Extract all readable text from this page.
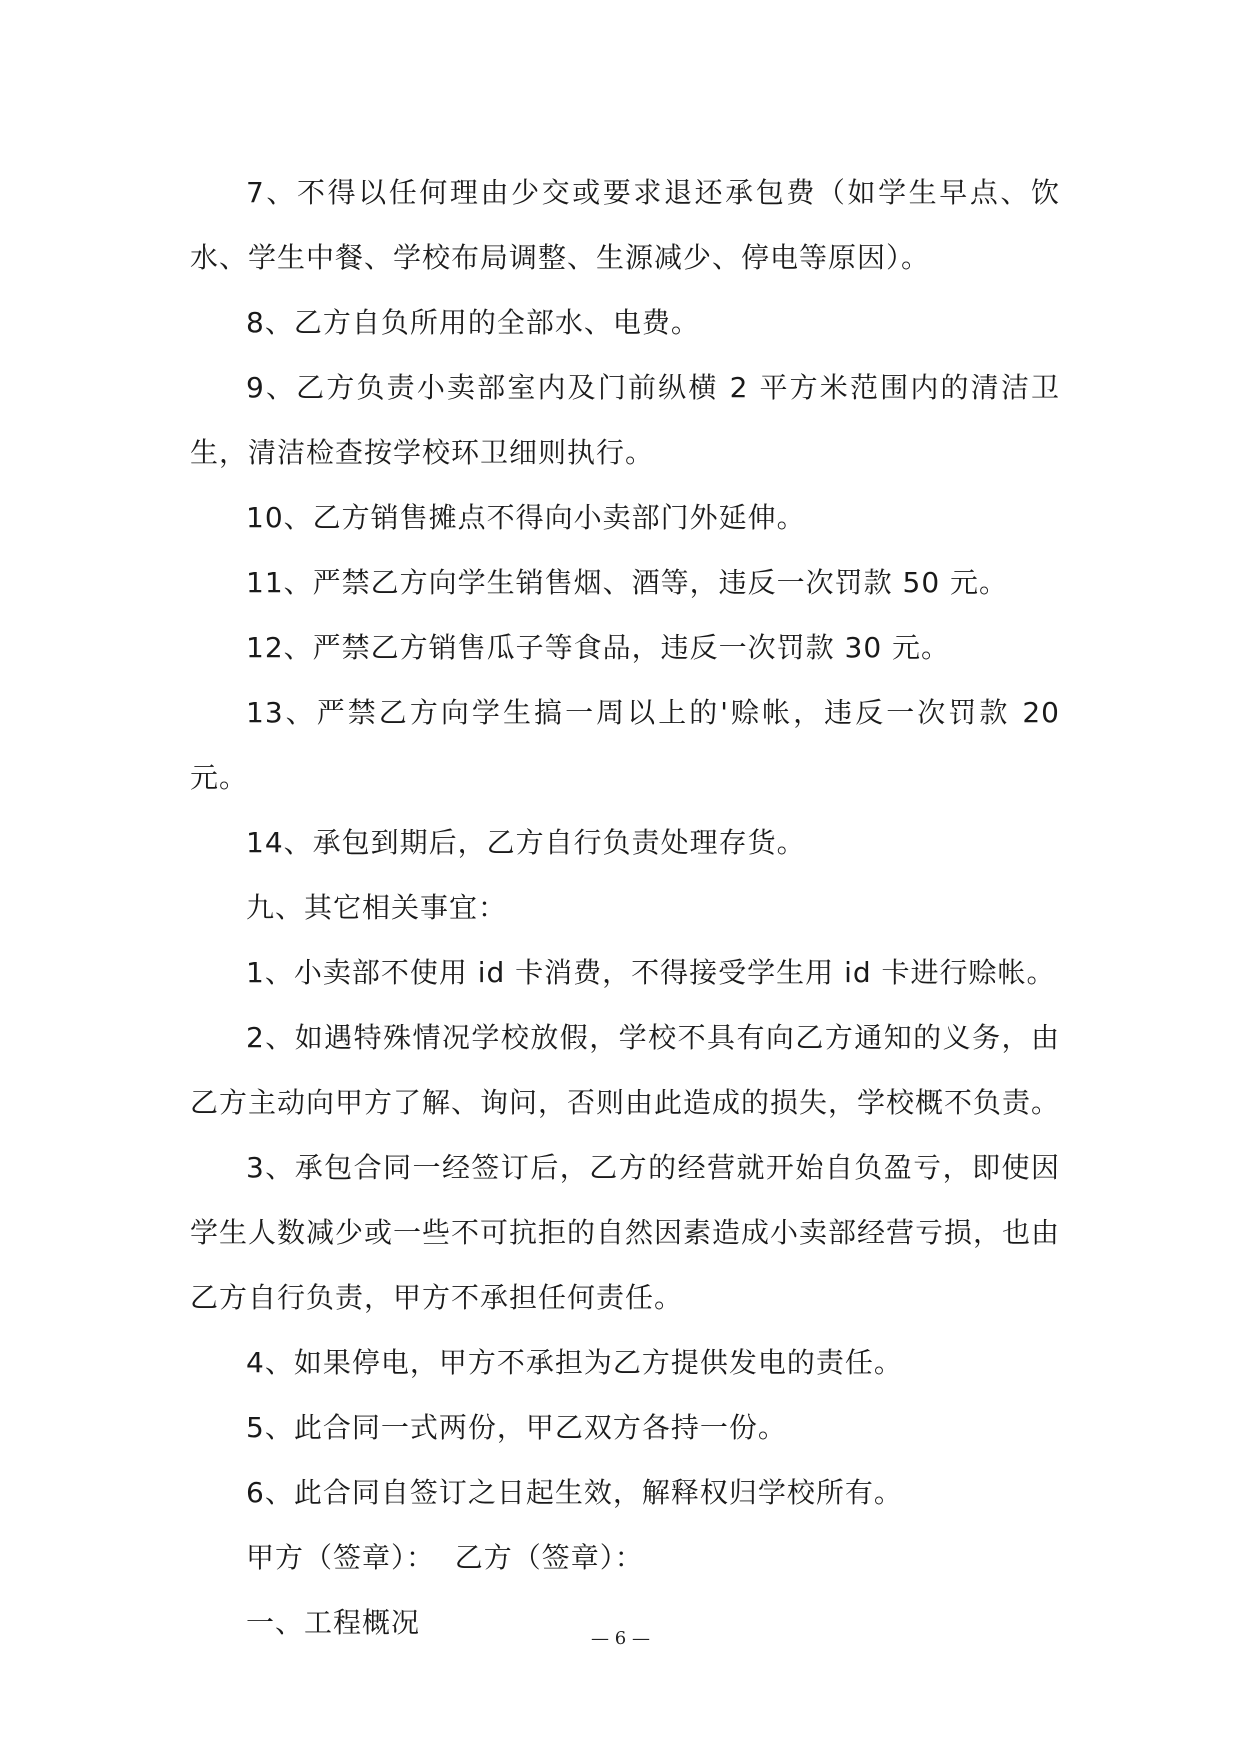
7、不得以任何理由少交或要求退还承包费（如学生早点、饮水、学生中餐、学校布局调整、生源减少、停电等原因）。

8、乙方自负所用的全部水、电费。

9、乙方负责小卖部室内及门前纵横 2 平方米范围内的清洁卫生，清洁检查按学校环卫细则执行。

10、乙方销售摊点不得向小卖部门外延伸。

11、严禁乙方向学生销售烟、酒等，违反一次罚款 50 元。

12、严禁乙方销售瓜子等食品，违反一次罚款 30 元。

13、严禁乙方向学生搞一周以上的'赊帐，违反一次罚款 20 元。

14、承包到期后，乙方自行负责处理存货。

九、其它相关事宜：

1、小卖部不使用 id 卡消费，不得接受学生用 id 卡进行赊帐。

2、如遇特殊情况学校放假，学校不具有向乙方通知的义务，由乙方主动向甲方了解、询问，否则由此造成的损失，学校概不负责。

3、承包合同一经签订后，乙方的经营就开始自负盈亏，即使因学生人数减少或一些不可抗拒的自然因素造成小卖部经营亏损，也由乙方自行负责，甲方不承担任何责任。

4、如果停电，甲方不承担为乙方提供发电的责任。

5、此合同一式两份，甲乙双方各持一份。

6、此合同自签订之日起生效，解释权归学校所有。

甲方（签章）：  乙方（签章）：

一、工程概况	— 6 —
